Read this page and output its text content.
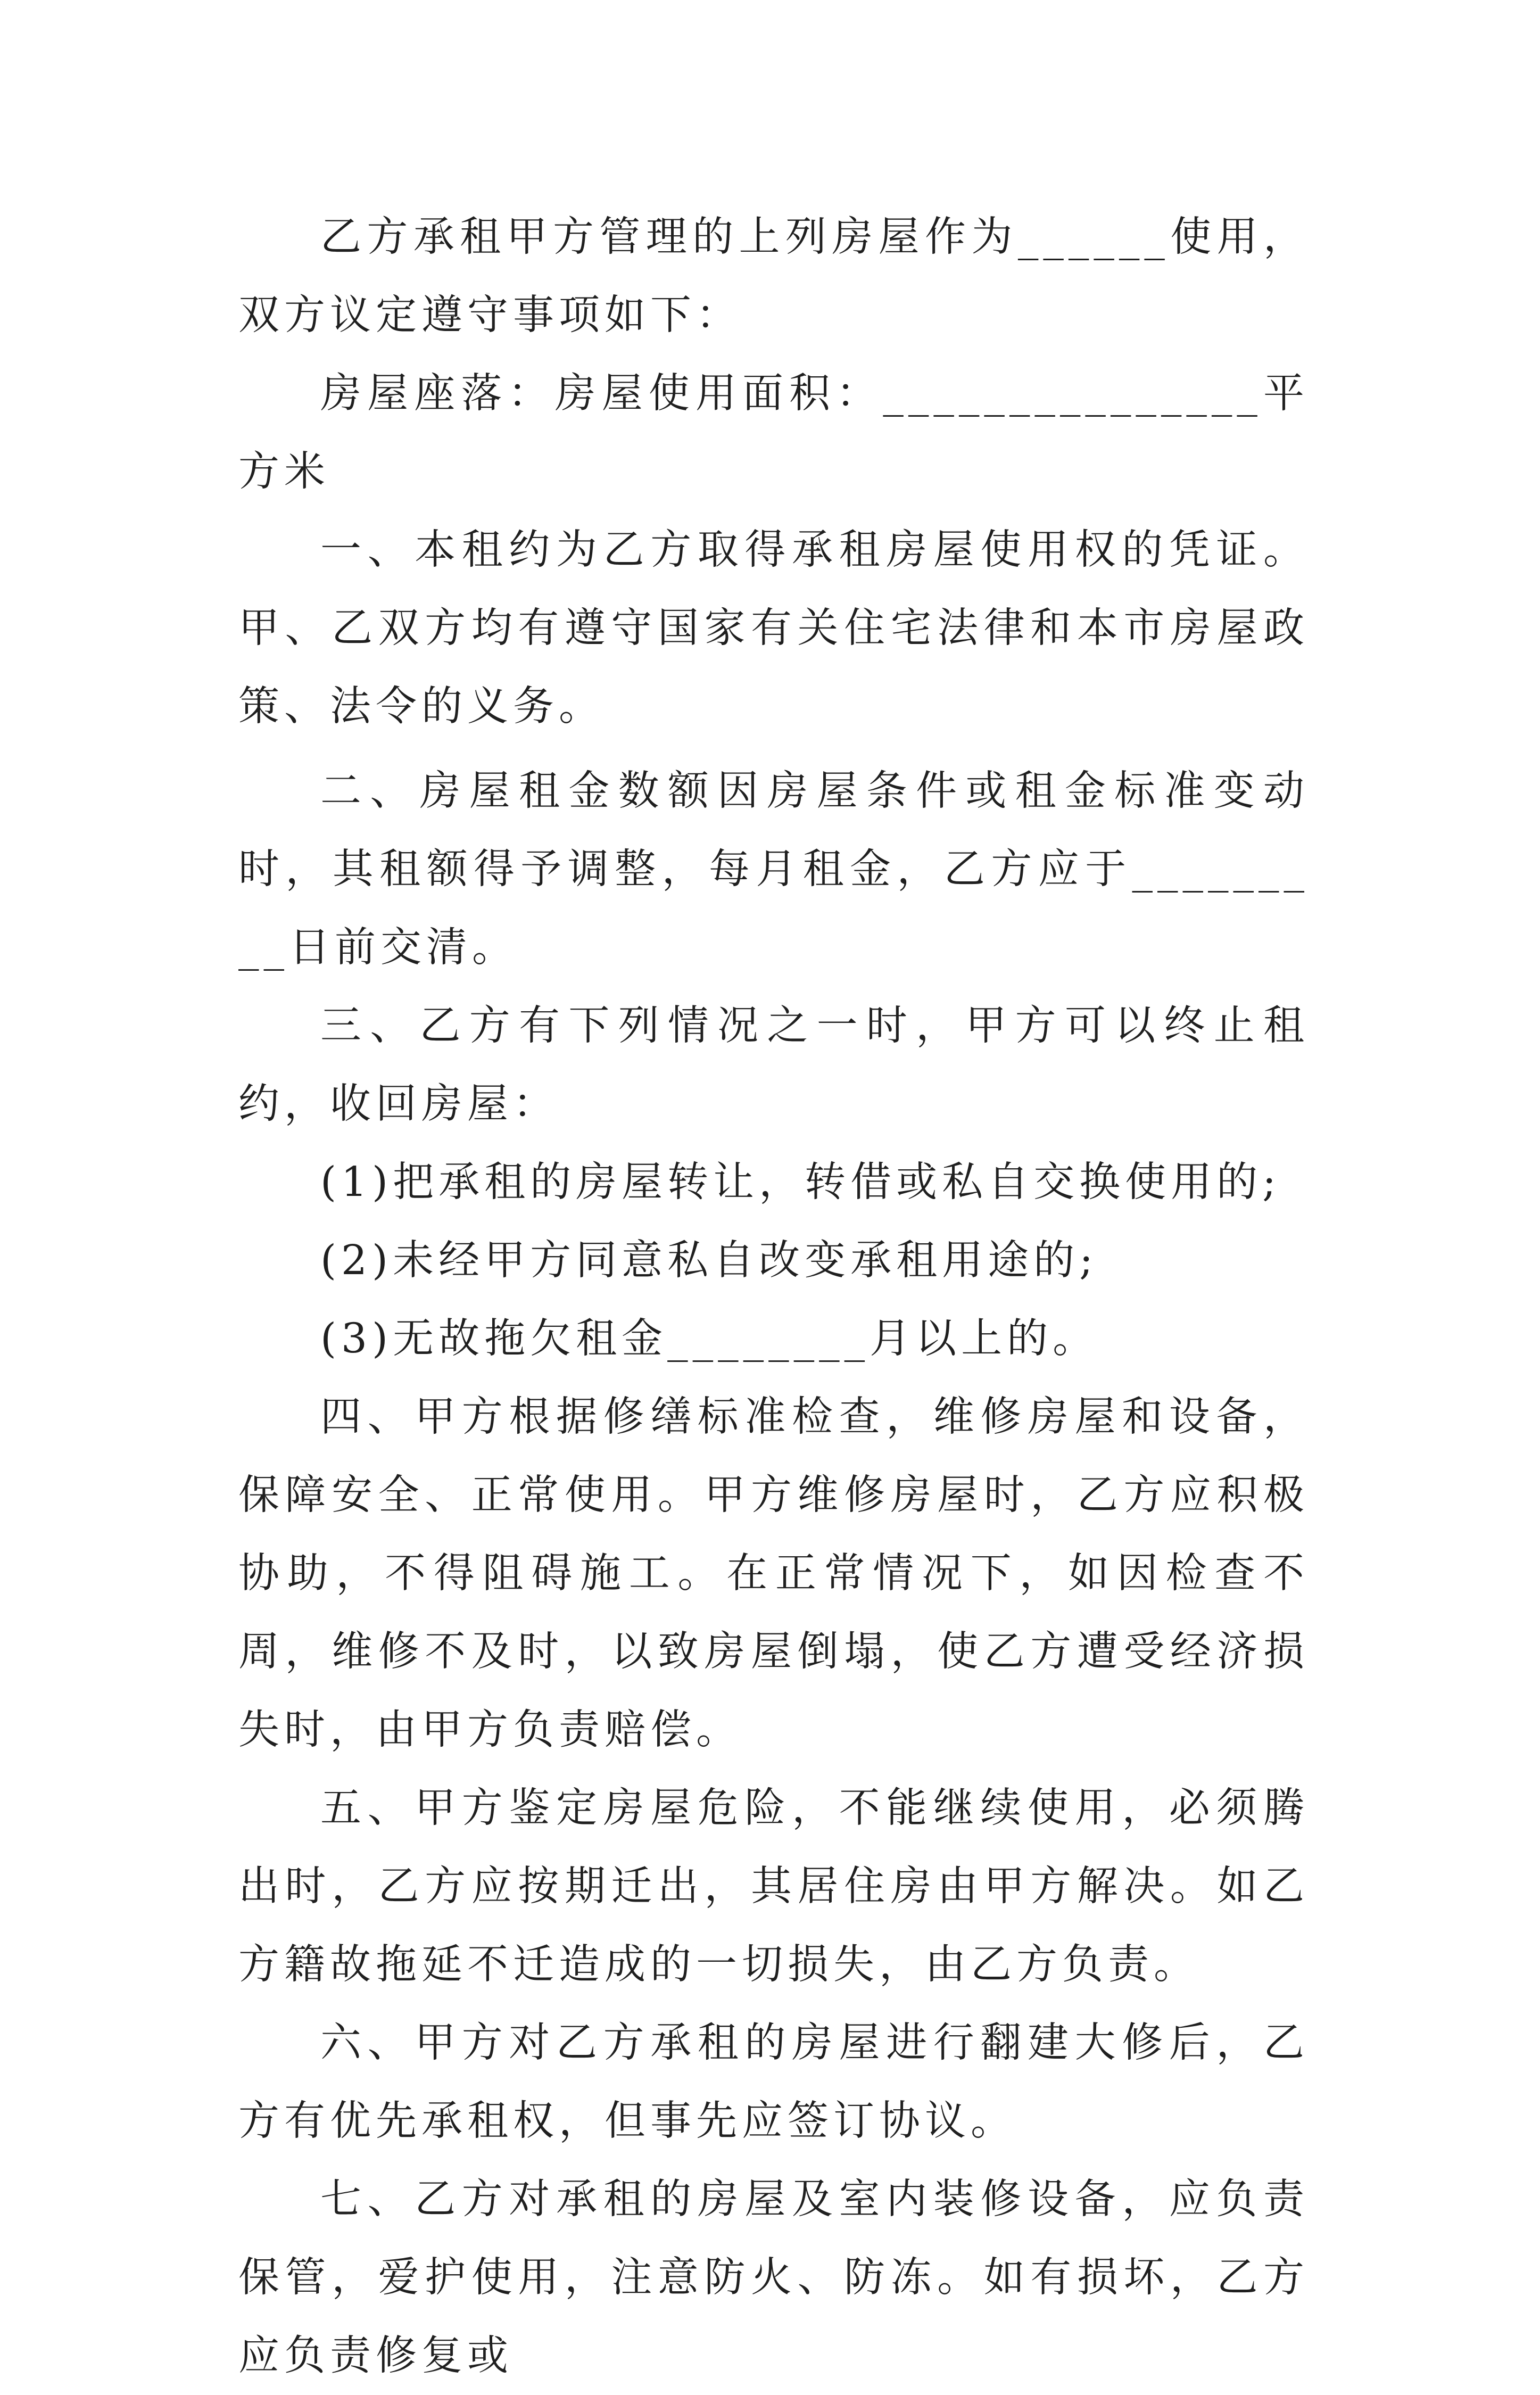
乙方承租甲方管理的上列房屋作为______使用，双方议定遵守事项如下：

房屋座落：房屋使用面积：_______________平方米

一、本租约为乙方取得承租房屋使用权的凭证。甲、乙双方均有遵守国家有关住宅法律和本市房屋政策、法令的义务。

二、房屋租金数额因房屋条件或租金标准变动时，其租额得予调整，每月租金，乙方应于_________日前交清。

三、乙方有下列情况之一时，甲方可以终止租约，收回房屋：

(1)把承租的房屋转让，转借或私自交换使用的;

(2)未经甲方同意私自改变承租用途的;

(3)无故拖欠租金________月以上的。

四、甲方根据修缮标准检查，维修房屋和设备，保障安全、正常使用。甲方维修房屋时，乙方应积极协助，不得阻碍施工。在正常情况下，如因检查不周，维修不及时，以致房屋倒塌，使乙方遭受经济损失时，由甲方负责赔偿。

五、甲方鉴定房屋危险，不能继续使用，必须腾出时，乙方应按期迁出，其居住房由甲方解决。如乙方籍故拖延不迁造成的一切损失，由乙方负责。

六、甲方对乙方承租的房屋进行翻建大修后，乙方有优先承租权，但事先应签订协议。

七、乙方对承租的房屋及室内装修设备，应负责保管，爱护使用，注意防火、防冻。如有损坏，乙方应负责修复或
